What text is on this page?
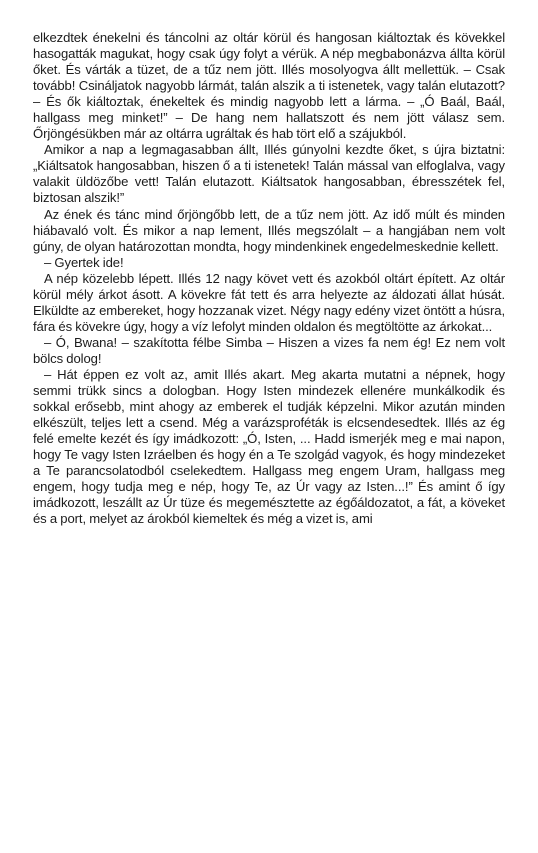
elkezdtek énekelni és táncolni az oltár körül és hangosan kiáltoztak és kövekkel hasogatták magukat, hogy csak úgy folyt a vérük. A nép megbabonázva állta körül őket. És várták a tüzet, de a tűz nem jött. Illés mosolyogva állt mellettük. – Csak tovább! Csináljatok nagyobb lármát, talán alszik a ti istenetek, vagy talán elutazott? – És ők kiáltoztak, énekeltek és mindig nagyobb lett a lárma. – „Ó Baál, Baál, hallgass meg minket!” – De hang nem hallatszott és nem jött válasz sem. Őrjöngésükben már az oltárra ugráltak és hab tört elő a szájukból.

Amikor a nap a legmagasabban állt, Illés gúnyolni kezdte őket, s újra biztatni: „Kiáltsatok hangosabban, hiszen ő a ti istenetek! Talán mással van elfoglalva, vagy valakit üldözőbe vett! Talán elutazott. Kiáltsatok hangosabban, ébresszétek fel, biztosan alszik!”

Az ének és tánc mind őrjöngőbb lett, de a tűz nem jött. Az idő múlt és minden hiábavaló volt. És mikor a nap lement, Illés megszólalt – a hangjában nem volt gúny, de olyan határozottan mondta, hogy mindenkinek engedelmeskednie kellett.

– Gyertek ide!

A nép közelebb lépett. Illés 12 nagy követ vett és azokból oltárt épített. Az oltár körül mély árkot ásott. A kövekre fát tett és arra helyezte az áldozati állat húsát. Elküldte az embereket, hogy hozzanak vizet. Négy nagy edény vizet öntött a húsra, fára és kövekre úgy, hogy a víz lefolyt minden oldalon és megtöltötte az árkokat...

– Ó, Bwana! – szakította félbe Simba – Hiszen a vizes fa nem ég! Ez nem volt bölcs dolog!

– Hát éppen ez volt az, amit Illés akart. Meg akarta mutatni a népnek, hogy semmi trükk sincs a dologban. Hogy Isten mindezek ellenére munkálkodik és sokkal erősebb, mint ahogy az emberek el tudják képzelni. Mikor azután minden elkészült, teljes lett a csend. Még a varázsproféták is elcsendesedtek. Illés az ég felé emelte kezét és így imádkozott: „Ó, Isten, ... Hadd ismerjék meg e mai napon, hogy Te vagy Isten Izráelben és hogy én a Te szolgád vagyok, és hogy mindezeket a Te parancsolatodból cselekedtem. Hallgass meg engem Uram, hallgass meg engem, hogy tudja meg e nép, hogy Te, az Úr vagy az Isten...!” És amint ő így imádkozott, leszállt az Úr tüze és megemésztette az égőáldozatot, a fát, a köveket és a port, melyet az árokból kiemeltek és még a vizet is, ami
